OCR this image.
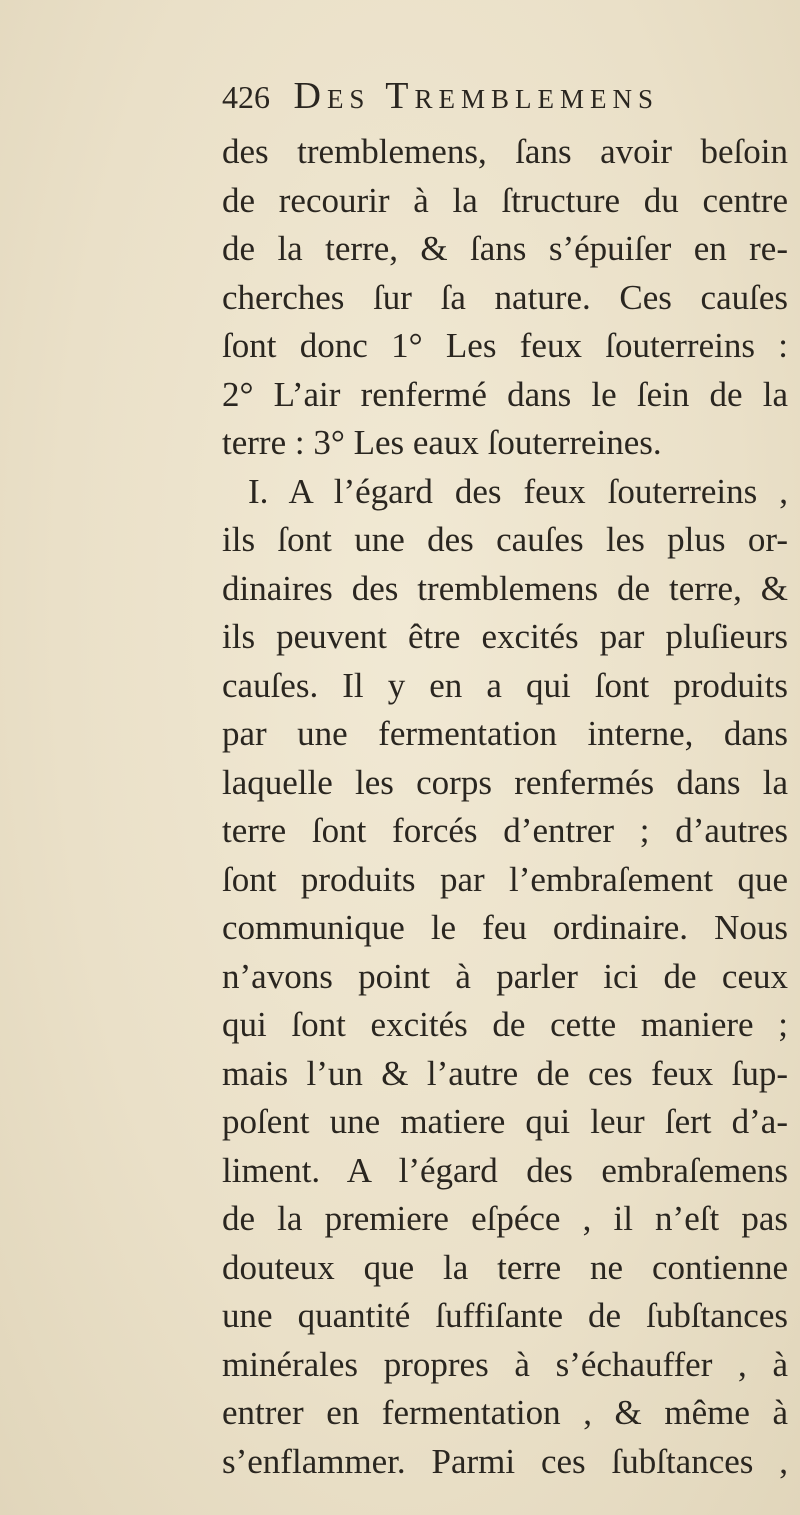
426 Des Tremblemens
des tremblemens, ſans avoir beſoin
de recourir à la ſtructure du centre
de la terre, & ſans s’épuiſer en re-
cherches ſur ſa nature. Ces cauſes
ſont donc 1° Les feux ſouterreins :
2° L’air renfermé dans le ſein de la
terre : 3° Les eaux ſouterreines.
I. A l’égard des feux ſouterreins ,
ils ſont une des cauſes les plus or-
dinaires des tremblemens de terre, &
ils peuvent être excités par pluſieurs
cauſes. Il y en a qui ſont produits
par une fermentation interne, dans
laquelle les corps renfermés dans la
terre ſont forcés d’entrer ; d’autres
ſont produits par l’embraſement que
communique le feu ordinaire. Nous
n’avons point à parler ici de ceux
qui ſont excités de cette maniere ;
mais l’un & l’autre de ces feux ſup-
poſent une matiere qui leur ſert d’a-
liment. A l’égard des embraſemens
de la premiere eſpéce , il n’eſt pas
douteux que la terre ne contienne
une quantité ſuffiſante de ſubſtances
minérales propres à s’échauffer , à
entrer en fermentation , & même à
s’enflammer. Parmi ces ſubſtances ,
